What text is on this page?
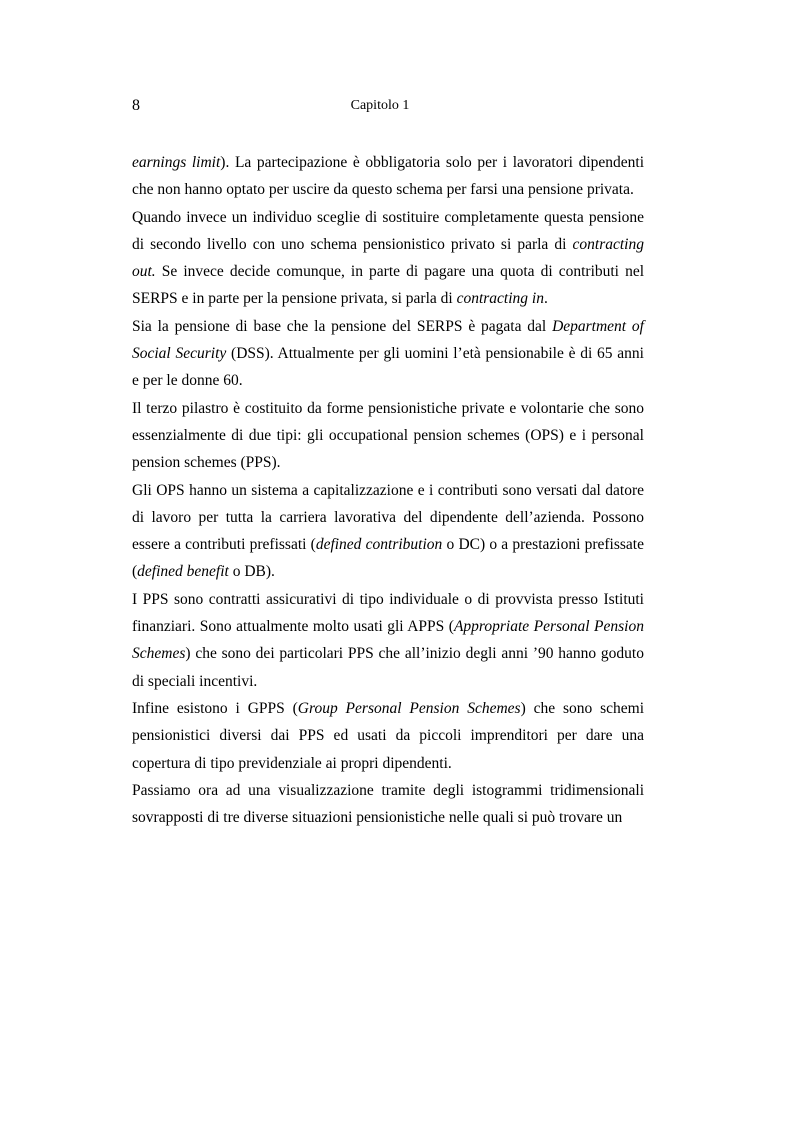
8	Capitolo 1

earnings limit). La partecipazione è obbligatoria solo per i lavoratori dipendenti che non hanno optato per uscire da questo schema per farsi una pensione privata.

Quando invece un individuo sceglie di sostituire completamente questa pensione di secondo livello con uno schema pensionistico privato si parla di contracting out. Se invece decide comunque, in parte di pagare una quota di contributi nel SERPS e in parte per la pensione privata, si parla di contracting in.

Sia la pensione di base che la pensione del SERPS è pagata dal Department of Social Security (DSS). Attualmente per gli uomini l’età pensionabile è di 65 anni e per le donne 60.

Il terzo pilastro è costituito da forme pensionistiche private e volontarie che sono essenzialmente di due tipi: gli occupational pension schemes (OPS) e i personal pension schemes (PPS).

Gli OPS hanno un sistema a capitalizzazione e i contributi sono versati dal datore di lavoro per tutta la carriera lavorativa del dipendente dell’azienda. Possono essere a contributi prefissati (defined contribution o DC) o a prestazioni prefissate (defined benefit o DB).

I PPS sono contratti assicurativi di tipo individuale o di provvista presso Istituti finanziari. Sono attualmente molto usati gli APPS (Appropriate Personal Pension Schemes) che sono dei particolari PPS che all’inizio degli anni ’90 hanno goduto di speciali incentivi.

Infine esistono i GPPS (Group Personal Pension Schemes) che sono schemi pensionistici diversi dai PPS ed usati da piccoli imprenditori per dare una copertura di tipo previdenziale ai propri dipendenti.

Passiamo ora ad una visualizzazione tramite degli istogrammi tridimensionali sovrapposti di tre diverse situazioni pensionistiche nelle quali si può trovare un
